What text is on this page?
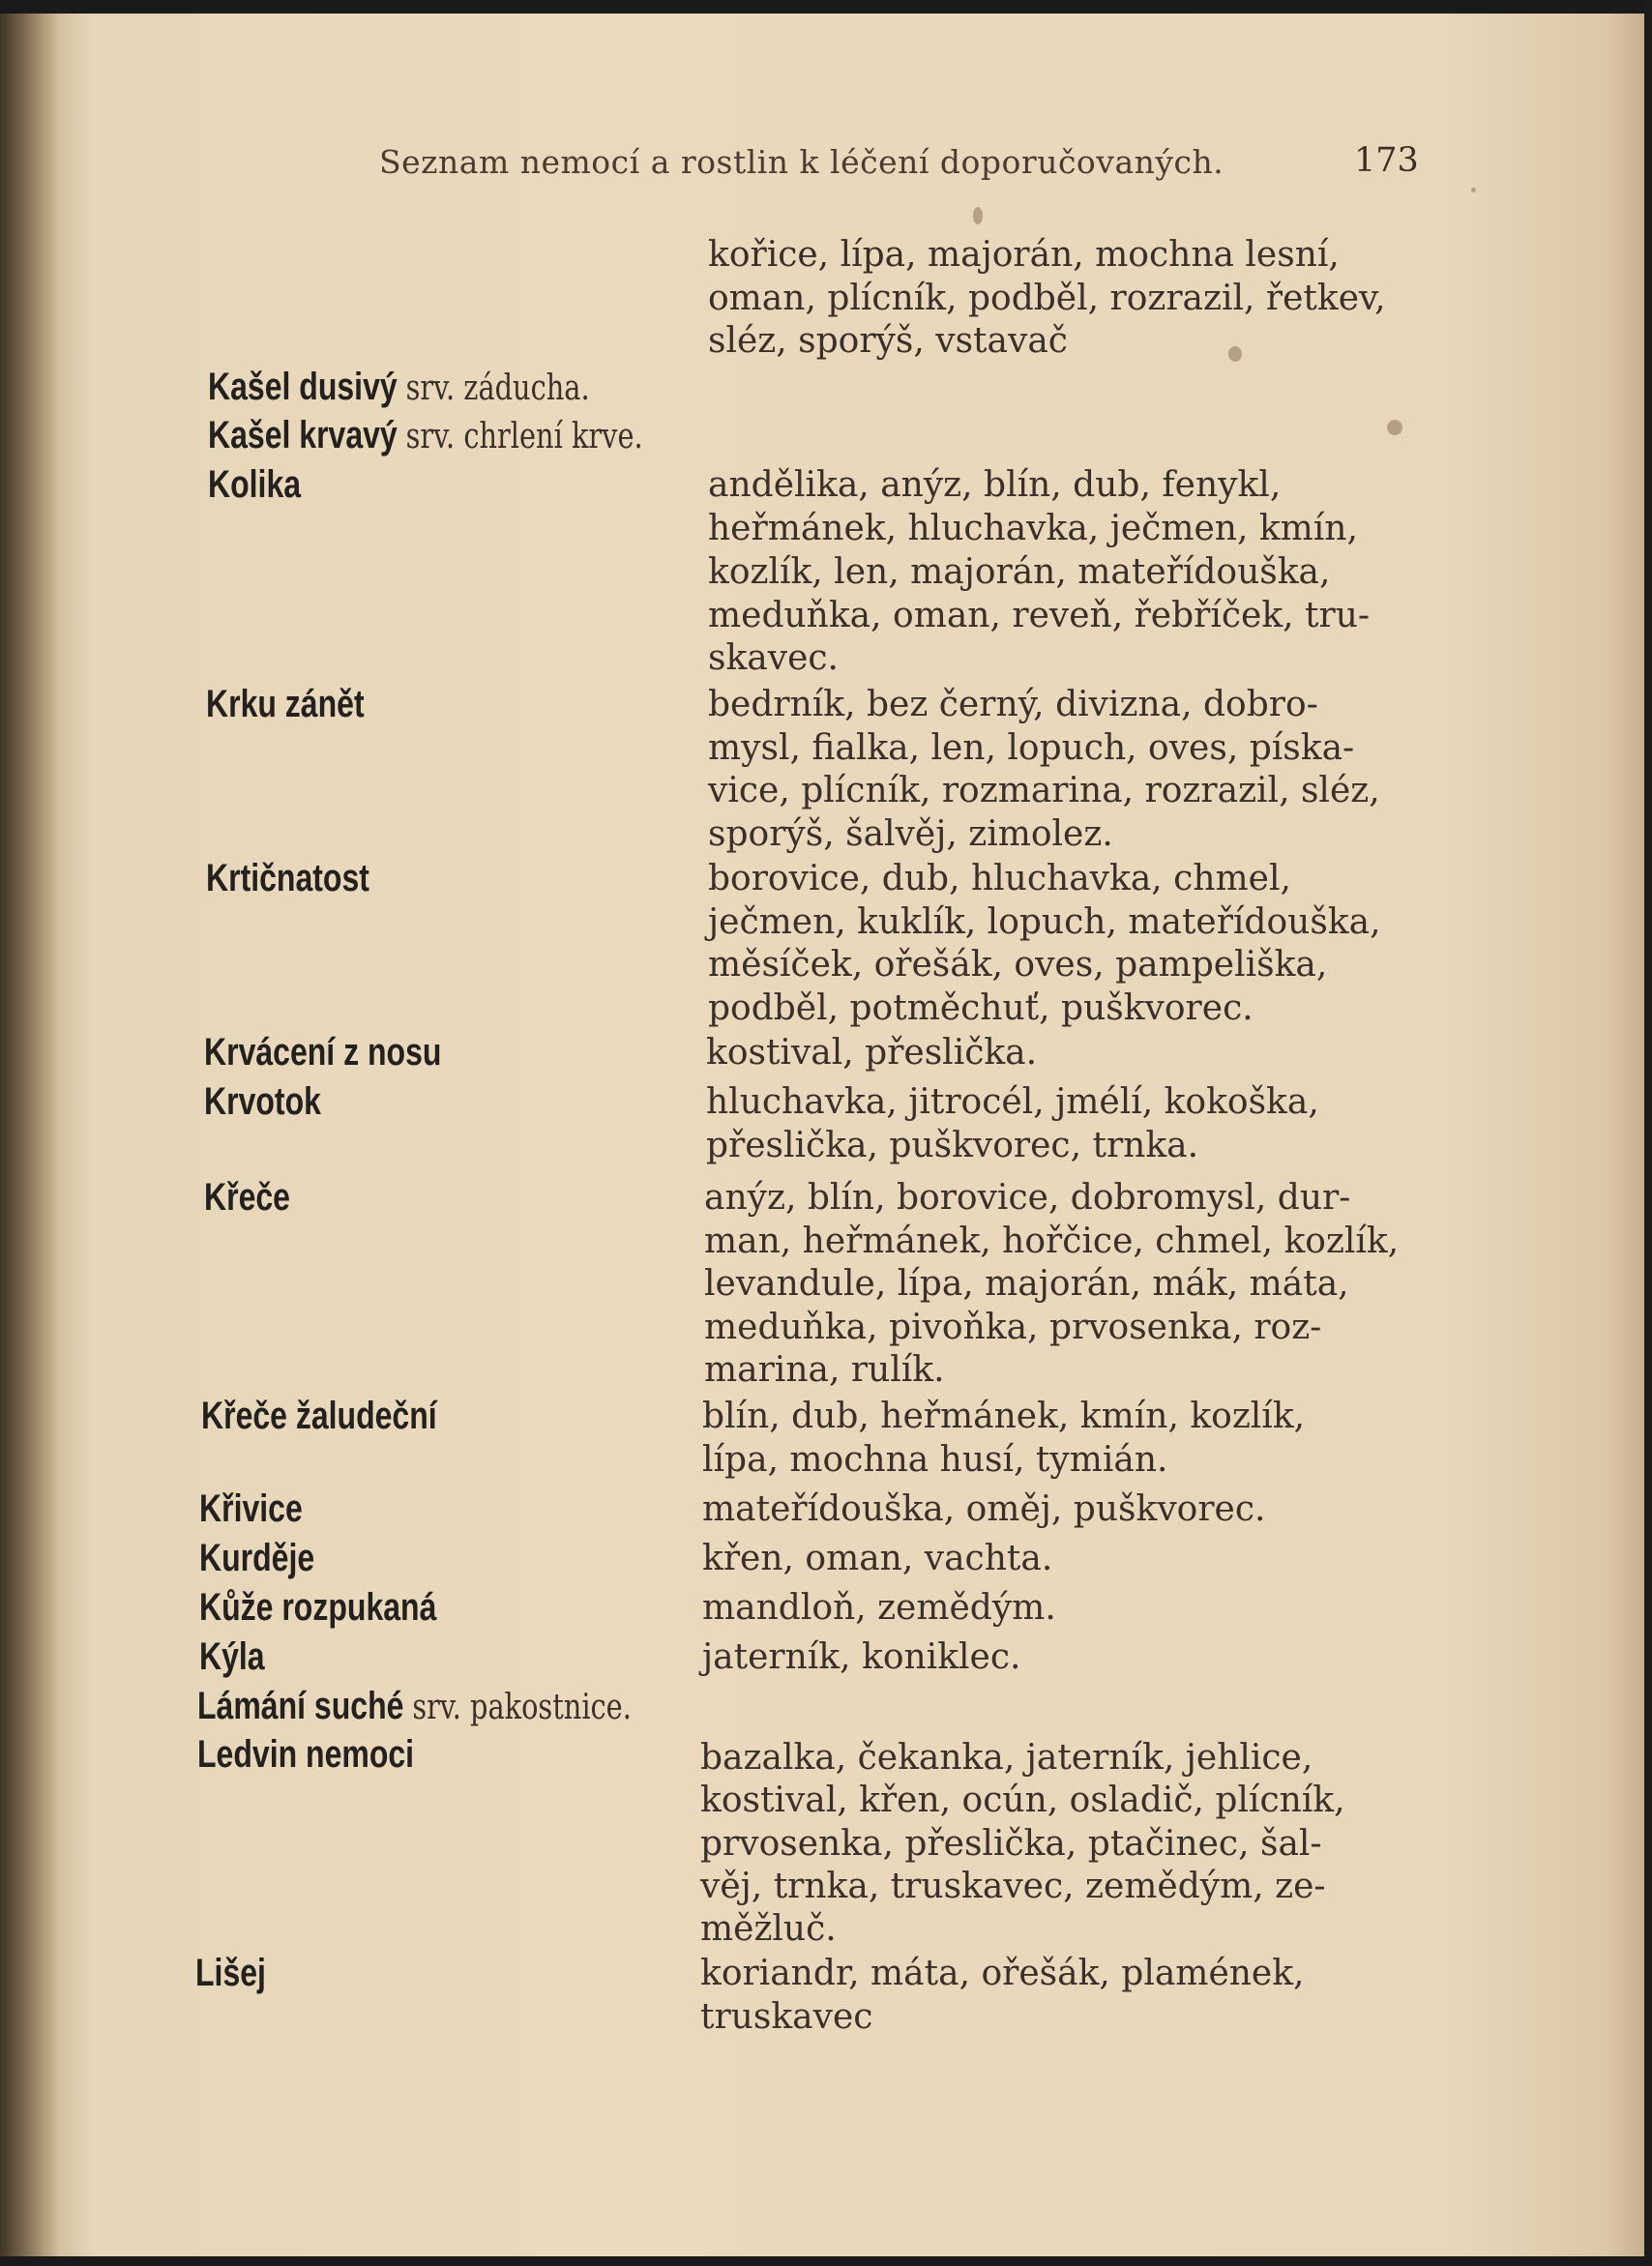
Seznam nemocí a rostlin k léčení doporučovaných.	173
kořice, lípa, majorán, mochna lesní,
oman, plícník, podběl, rozrazil, řetkev,
sléz, sporýš, vstavač
Kašel dusivý srv. záducha.
Kašel krvavý srv. chrlení krve.
Kolika	andělika, anýz, blín, dub, fenykl,
heřmánek, hluchavka, ječmen, kmín,
kozlík, len, majorán, mateřídouška,
meduňka, oman, reveň, řebříček, tru-
skavec.
Krku zánět	bedrník, bez černý, divizna, dobro-
mysl, fialka, len, lopuch, oves, píska-
vice, plícník, rozmarina, rozrazil, sléz,
sporýš, šalvěj, zimolez.
Krtičnatost	borovice, dub, hluchavka, chmel,
ječmen, kuklík, lopuch, mateřídouška,
měsíček, ořešák, oves, pampeliška,
podběl, potměchuť, puškvorec.
Krvácení z nosu	kostival, přeslička.
Krvotok	hluchavka, jitrocél, jmélí, kokoška,
přeslička, puškvorec, trnka.
Křeče	anýz, blín, borovice, dobromysl, dur-
man, heřmánek, hořčice, chmel, kozlík,
levandule, lípa, majorán, mák, máta,
meduňka, pivoňka, prvosenka, roz-
marina, rulík.
Křeče žaludeční	blín, dub, heřmánek, kmín, kozlík,
lípa, mochna husí, tymián.
Křivice	mateřídouška, oměj, puškvorec.
Kurděje	křen, oman, vachta.
Kůže rozpukaná	mandloň, zemědým.
Kýla	jaterník, koniklec.
Lámání suché srv. pakostnice.
Ledvin nemoci	bazalka, čekanka, jaterník, jehlice,
kostival, křen, ocún, osladič, plícník,
prvosenka, přeslička, ptačinec, šal-
věj, trnka, truskavec, zemědým, ze-
měžluč.
Lišej	koriandr, máta, ořešák, plamének,
truskavec
